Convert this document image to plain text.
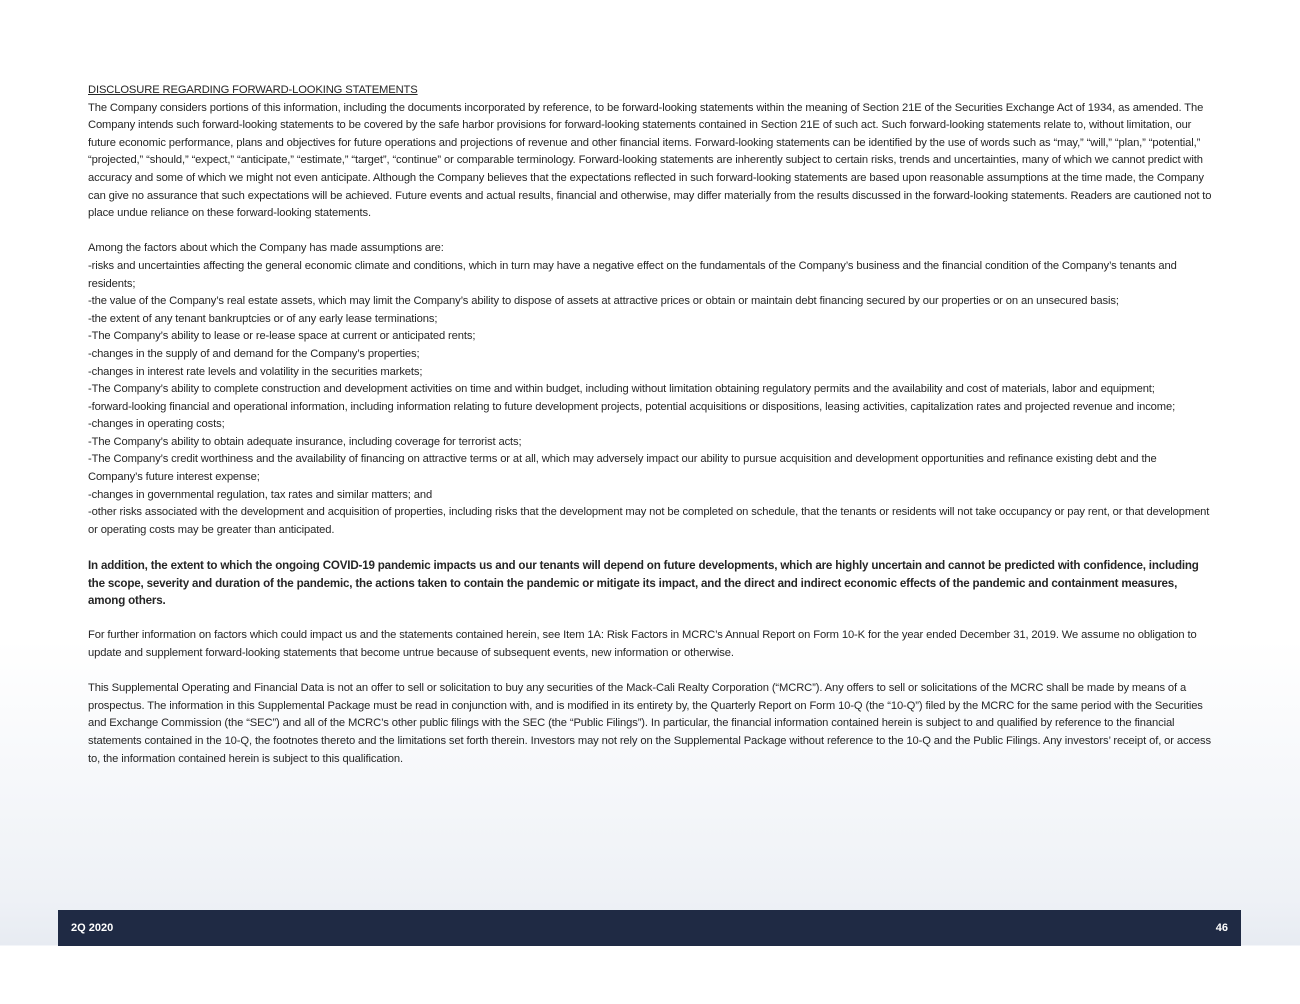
DISCLOSURE REGARDING FORWARD-LOOKING STATEMENTS

The Company considers portions of this information, including the documents incorporated by reference, to be forward-looking statements within the meaning of Section 21E of the Securities Exchange Act of 1934, as amended. The Company intends such forward-looking statements to be covered by the safe harbor provisions for forward-looking statements contained in Section 21E of such act. Such forward-looking statements relate to, without limitation, our future economic performance, plans and objectives for future operations and projections of revenue and other financial items. Forward-looking statements can be identified by the use of words such as “may,” “will,” “plan,” “potential,” “projected,” “should,” “expect,” “anticipate,” “estimate,” “target”, “continue” or comparable terminology. Forward-looking statements are inherently subject to certain risks, trends and uncertainties, many of which we cannot predict with accuracy and some of which we might not even anticipate. Although the Company believes that the expectations reflected in such forward-looking statements are based upon reasonable assumptions at the time made, the Company can give no assurance that such expectations will be achieved. Future events and actual results, financial and otherwise, may differ materially from the results discussed in the forward-looking statements. Readers are cautioned not to place undue reliance on these forward-looking statements.

Among the factors about which the Company has made assumptions are:

-risks and uncertainties affecting the general economic climate and conditions, which in turn may have a negative effect on the fundamentals of the Company’s business and the financial condition of the Company’s tenants and residents;
-the value of the Company’s real estate assets, which may limit the Company’s ability to dispose of assets at attractive prices or obtain or maintain debt financing secured by our properties or on an unsecured basis;
-the extent of any tenant bankruptcies or of any early lease terminations;
-The Company’s ability to lease or re-lease space at current or anticipated rents;
-changes in the supply of and demand for the Company’s properties;
-changes in interest rate levels and volatility in the securities markets;
-The Company’s ability to complete construction and development activities on time and within budget, including without limitation obtaining regulatory permits and the availability and cost of materials, labor and equipment;
-forward-looking financial and operational information, including information relating to future development projects, potential acquisitions or dispositions, leasing activities, capitalization rates and projected revenue and income;
-changes in operating costs;
-The Company’s ability to obtain adequate insurance, including coverage for terrorist acts;
-The Company’s credit worthiness and the availability of financing on attractive terms or at all, which may adversely impact our ability to pursue acquisition and development opportunities and refinance existing debt and the Company’s future interest expense;
-changes in governmental regulation, tax rates and similar matters; and
-other risks associated with the development and acquisition of properties, including risks that the development may not be completed on schedule, that the tenants or residents will not take occupancy or pay rent, or that development or operating costs may be greater than anticipated.

In addition, the extent to which the ongoing COVID-19 pandemic impacts us and our tenants will depend on future developments, which are highly uncertain and cannot be predicted with confidence, including the scope, severity and duration of the pandemic, the actions taken to contain the pandemic or mitigate its impact, and the direct and indirect economic effects of the pandemic and containment measures, among others.

For further information on factors which could impact us and the statements contained herein, see Item 1A: Risk Factors in MCRC’s Annual Report on Form 10-K for the year ended December 31, 2019. We assume no obligation to update and supplement forward-looking statements that become untrue because of subsequent events, new information or otherwise.

This Supplemental Operating and Financial Data is not an offer to sell or solicitation to buy any securities of the Mack-Cali Realty Corporation (“MCRC”). Any offers to sell or solicitations of the MCRC shall be made by means of a prospectus. The information in this Supplemental Package must be read in conjunction with, and is modified in its entirety by, the Quarterly Report on Form 10-Q (the “10-Q”) filed by the MCRC for the same period with the Securities and Exchange Commission (the “SEC”) and all of the MCRC’s other public filings with the SEC (the “Public Filings”). In particular, the financial information contained herein is subject to and qualified by reference to the financial statements contained in the 10-Q, the footnotes thereto and the limitations set forth therein. Investors may not rely on the Supplemental Package without reference to the 10-Q and the Public Filings. Any investors’ receipt of, or access to, the information contained herein is subject to this qualification.

2Q 2020	46
